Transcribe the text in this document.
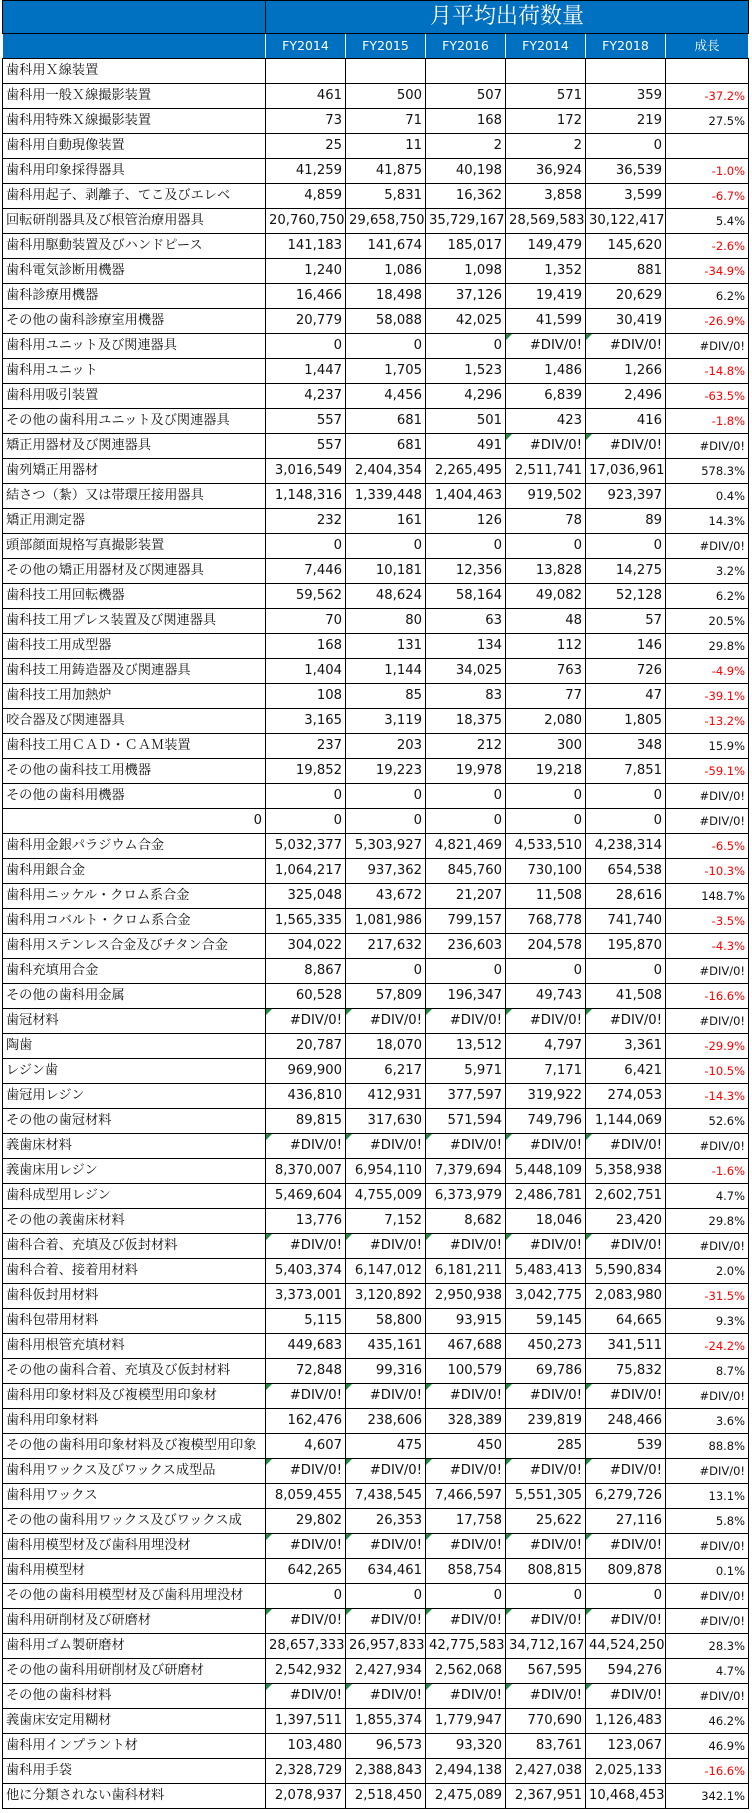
	月平均出荷数量					
	FY2014	FY2015	FY2016	FY2014	FY2018	成長
歯科用Ｘ線装置						
歯科用一般Ｘ線撮影装置	461	500	507	571	359	-37.2%
歯科用特殊Ｘ線撮影装置	73	71	168	172	219	27.5%
歯科用自動現像装置	25	11	2	2	0	
歯科用印象採得器具	41,259	41,875	40,198	36,924	36,539	-1.0%
歯科用起子、剥離子、てこ及びエレベ	4,859	5,831	16,362	3,858	3,599	-6.7%
回転研削器具及び根管治療用器具	20,760,750	29,658,750	35,729,167	28,569,583	30,122,417	5.4%
歯科用駆動装置及びハンドピース	141,183	141,674	185,017	149,479	145,620	-2.6%
歯科電気診断用機器	1,240	1,086	1,098	1,352	881	-34.9%
歯科診療用機器	16,466	18,498	37,126	19,419	20,629	6.2%
その他の歯科診療室用機器	20,779	58,088	42,025	41,599	30,419	-26.9%
歯科用ユニット及び関連器具	0	0	0	#DIV/0!	#DIV/0!	#DIV/0!
歯科用ユニット	1,447	1,705	1,523	1,486	1,266	-14.8%
歯科用吸引装置	4,237	4,456	4,296	6,839	2,496	-63.5%
その他の歯科用ユニット及び関連器具	557	681	501	423	416	-1.8%
矯正用器材及び関連器具	557	681	491	#DIV/0!	#DIV/0!	#DIV/0!
歯列矯正用器材	3,016,549	2,404,354	2,265,495	2,511,741	17,036,961	578.3%
結さつ（紮）又は帯環圧接用器具	1,148,316	1,339,448	1,404,463	919,502	923,397	0.4%
矯正用測定器	232	161	126	78	89	14.3%
頭部顔面規格写真撮影装置	0	0	0	0	0	#DIV/0!
その他の矯正用器材及び関連器具	7,446	10,181	12,356	13,828	14,275	3.2%
歯科技工用回転機器	59,562	48,624	58,164	49,082	52,128	6.2%
歯科技工用プレス装置及び関連器具	70	80	63	48	57	20.5%
歯科技工用成型器	168	131	134	112	146	29.8%
歯科技工用鋳造器及び関連器具	1,404	1,144	34,025	763	726	-4.9%
歯科技工用加熱炉	108	85	83	77	47	-39.1%
咬合器及び関連器具	3,165	3,119	18,375	2,080	1,805	-13.2%
歯科技工用ＣＡＤ・ＣＡＭ装置	237	203	212	300	348	15.9%
その他の歯科技工用機器	19,852	19,223	19,978	19,218	7,851	-59.1%
その他の歯科用機器	0	0	0	0	0	#DIV/0!
0	0	0	0	0	0	#DIV/0!
歯科用金銀パラジウム合金	5,032,377	5,303,927	4,821,469	4,533,510	4,238,314	-6.5%
歯科用銀合金	1,064,217	937,362	845,760	730,100	654,538	-10.3%
歯科用ニッケル・クロム系合金	325,048	43,672	21,207	11,508	28,616	148.7%
歯科用コバルト・クロム系合金	1,565,335	1,081,986	799,157	768,778	741,740	-3.5%
歯科用ステンレス合金及びチタン合金	304,022	217,632	236,603	204,578	195,870	-4.3%
歯科充填用合金	8,867	0	0	0	0	#DIV/0!
その他の歯科用金属	60,528	57,809	196,347	49,743	41,508	-16.6%
歯冠材料	#DIV/0!	#DIV/0!	#DIV/0!	#DIV/0!	#DIV/0!	#DIV/0!
陶歯	20,787	18,070	13,512	4,797	3,361	-29.9%
レジン歯	969,900	6,217	5,971	7,171	6,421	-10.5%
歯冠用レジン	436,810	412,931	377,597	319,922	274,053	-14.3%
その他の歯冠材料	89,815	317,630	571,594	749,796	1,144,069	52.6%
義歯床材料	#DIV/0!	#DIV/0!	#DIV/0!	#DIV/0!	#DIV/0!	#DIV/0!
義歯床用レジン	8,370,007	6,954,110	7,379,694	5,448,109	5,358,938	-1.6%
歯科成型用レジン	5,469,604	4,755,009	6,373,979	2,486,781	2,602,751	4.7%
その他の義歯床材料	13,776	7,152	8,682	18,046	23,420	29.8%
歯科合着、充填及び仮封材料	#DIV/0!	#DIV/0!	#DIV/0!	#DIV/0!	#DIV/0!	#DIV/0!
歯科合着、接着用材料	5,403,374	6,147,012	6,181,211	5,483,413	5,590,834	2.0%
歯科仮封用材料	3,373,001	3,120,892	2,950,938	3,042,775	2,083,980	-31.5%
歯科包帯用材料	5,115	58,800	93,915	59,145	64,665	9.3%
歯科用根管充填材料	449,683	435,161	467,688	450,273	341,511	-24.2%
その他の歯科合着、充填及び仮封材料	72,848	99,316	100,579	69,786	75,832	8.7%
歯科用印象材料及び複模型用印象材	#DIV/0!	#DIV/0!	#DIV/0!	#DIV/0!	#DIV/0!	#DIV/0!
歯科用印象材料	162,476	238,606	328,389	239,819	248,466	3.6%
その他の歯科用印象材料及び複模型用印象	4,607	475	450	285	539	88.8%
歯科用ワックス及びワックス成型品	#DIV/0!	#DIV/0!	#DIV/0!	#DIV/0!	#DIV/0!	#DIV/0!
歯科用ワックス	8,059,455	7,438,545	7,466,597	5,551,305	6,279,726	13.1%
その他の歯科用ワックス及びワックス成	29,802	26,353	17,758	25,622	27,116	5.8%
歯科用模型材及び歯科用埋没材	#DIV/0!	#DIV/0!	#DIV/0!	#DIV/0!	#DIV/0!	#DIV/0!
歯科用模型材	642,265	634,461	858,754	808,815	809,878	0.1%
その他の歯科用模型材及び歯科用埋没材	0	0	0	0	0	#DIV/0!
歯科用研削材及び研磨材	#DIV/0!	#DIV/0!	#DIV/0!	#DIV/0!	#DIV/0!	#DIV/0!
歯科用ゴム製研磨材	28,657,333	26,957,833	42,775,583	34,712,167	44,524,250	28.3%
その他の歯科用研削材及び研磨材	2,542,932	2,427,934	2,562,068	567,595	594,276	4.7%
その他の歯科材料	#DIV/0!	#DIV/0!	#DIV/0!	#DIV/0!	#DIV/0!	#DIV/0!
義歯床安定用糊材	1,397,511	1,855,374	1,779,947	770,690	1,126,483	46.2%
歯科用インプラント材	103,480	96,573	93,320	83,761	123,067	46.9%
歯科用手袋	2,328,729	2,388,843	2,494,138	2,427,038	2,025,133	-16.6%
他に分類されない歯科材料	2,078,937	2,518,450	2,475,089	2,367,951	10,468,453	342.1%
